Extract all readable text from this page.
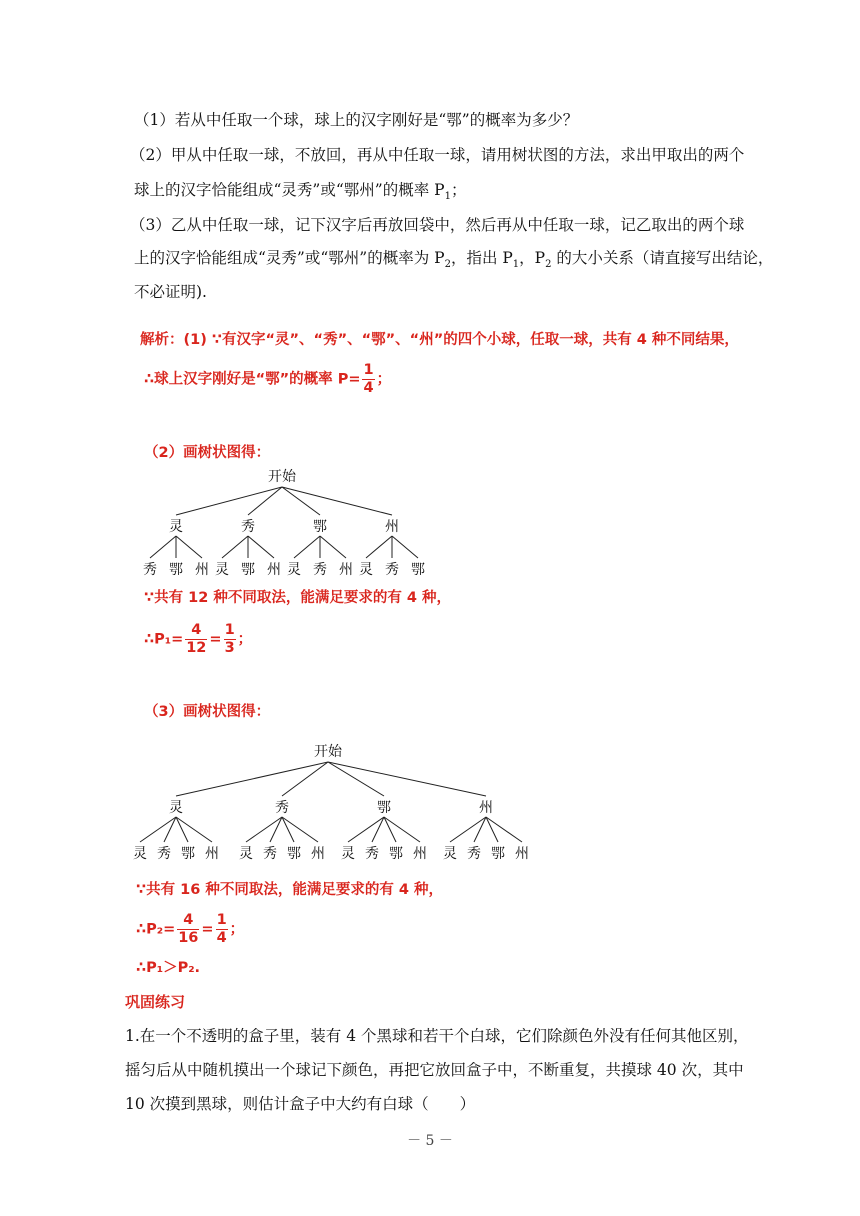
（1）若从中任取一个球，球上的汉字刚好是“鄂”的概率为多少？
（2）甲从中任取一球，不放回，再从中任取一球，请用树状图的方法，求出甲取出的两个
球上的汉字恰能组成“灵秀”或“鄂州”的概率 $P_1$；
（3）乙从中任取一球，记下汉字后再放回袋中，然后再从中任取一球，记乙取出的两个球
上的汉字恰能组成“灵秀”或“鄂州”的概率为 $P_2$，指出 $P_1$，$P_2$ 的大小关系（请直接写出结论，
不必证明).
解析：(1) ∵有汉字“灵”、“秀”、“鄂”、“州”的四个小球，任取一球，共有 4 种不同结果，
∴球上汉字刚好是“鄂”的概率 $P= \frac{1}{4}$ ；
（2）画树状图得：
开始
灵
秀 鄂 州
秀
灵 鄂 州
鄂
灵 秀 州
州
灵 秀 鄂
∵共有 12 种不同取法，能满足要求的有 4 种，
∴P₁= $\frac{4}{12} = \frac{1}{3}$ ；
（3）画树状图得：
开始
灵
灵 秀 鄂 州
秀
灵 秀 鄂 州
鄂
灵 秀 鄂 州
州
灵 秀 鄂 州
∵共有 16 种不同取法，能满足要求的有 4 种，
∴P₂= $\frac{4}{16} = \frac{1}{4}$ ；
∴P₁＞P₂.
巩固练习
1.在一个不透明的盒子里，装有 4 个黑球和若干个白球，它们除颜色外没有任何其他区别，
摇匀后从中随机摸出一个球记下颜色，再把它放回盒子中，不断重复，共摸球 40 次，其中
10 次摸到黑球，则估计盒子中大约有白球（　　）
－ 5 －
